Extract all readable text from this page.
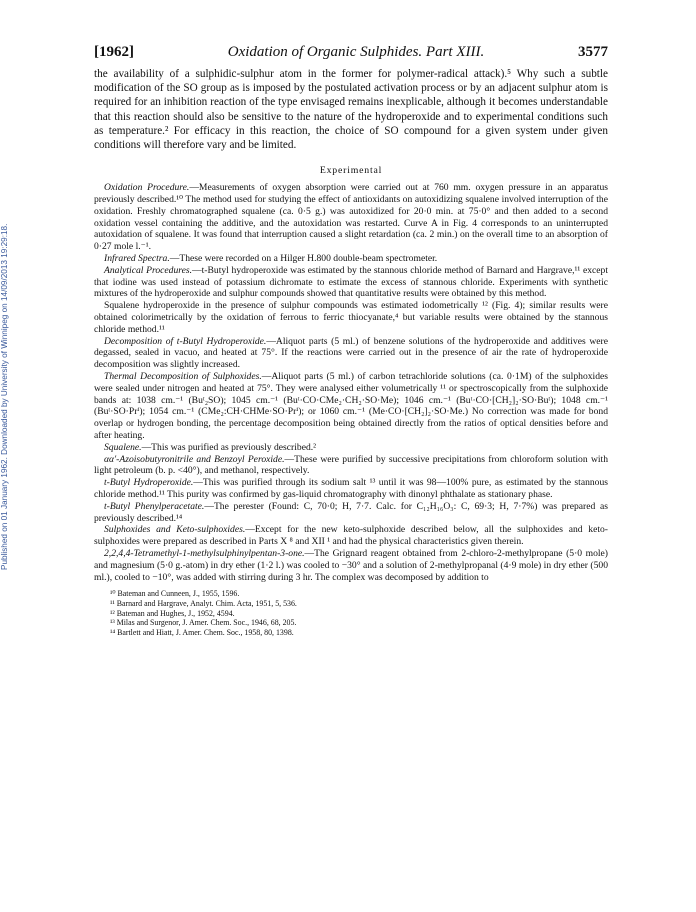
Published on 01 January 1962. Downloaded by University of Winnipeg on 14/09/2013 19:29:18.
[1962]	Oxidation of Organic Sulphides. Part XIII.	3577

the availability of a sulphidic-sulphur atom in the former for polymer-radical attack).⁵ Why such a subtle modification of the SO group as is imposed by the postulated activation process or by an adjacent sulphur atom is required for an inhibition reaction of the type envisaged remains inexplicable, although it becomes understandable that this reaction should also be sensitive to the nature of the hydroperoxide and to experimental conditions such as temperature.² For efficacy in this reaction, the choice of SO compound for a given system under given conditions will therefore vary and be limited.

Experimental

Oxidation Procedure.—Measurements of oxygen absorption were carried out at 760 mm. oxygen pressure in an apparatus previously described.¹⁰ The method used for studying the effect of antioxidants on autoxidizing squalene involved interruption of the oxidation. Freshly chromatographed squalene (ca. 0·5 g.) was autoxidized for 20·0 min. at 75·0° and then added to a second oxidation vessel containing the additive, and the autoxidation was restarted. Curve A in Fig. 4 corresponds to an uninterrupted autoxidation of squalene. It was found that interruption caused a slight retardation (ca. 2 min.) on the overall time to an absorption of 0·27 mole l.⁻¹.

Infrared Spectra.—These were recorded on a Hilger H.800 double-beam spectrometer.

Analytical Procedures.—t-Butyl hydroperoxide was estimated by the stannous chloride method of Barnard and Hargrave,¹¹ except that iodine was used instead of potassium dichromate to estimate the excess of stannous chloride. Experiments with synthetic mixtures of the hydroperoxide and sulphur compounds showed that quantitative results were obtained by this method.

Squalene hydroperoxide in the presence of sulphur compounds was estimated iodometrically ¹² (Fig. 4); similar results were obtained colorimetrically by the oxidation of ferrous to ferric thiocyanate,⁴ but variable results were obtained by the stannous chloride method.¹¹

Decomposition of t-Butyl Hydroperoxide.—Aliquot parts (5 ml.) of benzene solutions of the hydroperoxide and additives were degassed, sealed in vacuo, and heated at 75°. If the reactions were carried out in the presence of air the rate of hydroperoxide decomposition was slightly increased.

Thermal Decomposition of Sulphoxides.—Aliquot parts (5 ml.) of carbon tetrachloride solutions (ca. 0·1M) of the sulphoxides were sealed under nitrogen and heated at 75°. They were analysed either volumetrically ¹¹ or spectroscopically from the sulphoxide bands at: 1038 cm.⁻¹ (Buᵗ₂SO); 1045 cm.⁻¹ (Buᵗ·CO·CMe₂·CH₂·SO·Me); 1046 cm.⁻¹ (Buᵗ·CO·[CH₂]₂·SO·Buᵗ); 1048 cm.⁻¹ (Buᵗ·SO·Prⁱ); 1054 cm.⁻¹ (CMe₂:CH·CHMe·SO·Prⁱ); or 1060 cm.⁻¹ (Me·CO·[CH₂]₂·SO·Me.) No correction was made for bond overlap or hydrogen bonding, the percentage decomposition being obtained directly from the ratios of optical densities before and after heating.

Squalene.—This was purified as previously described.²

αα′-Azoisobutyronitrile and Benzoyl Peroxide.—These were purified by successive precipitations from chloroform solution with light petroleum (b. p. <40°), and methanol, respectively.

t-Butyl Hydroperoxide.—This was purified through its sodium salt ¹³ until it was 98—100% pure, as estimated by the stannous chloride method.¹¹ This purity was confirmed by gas-liquid chromatography with dinonyl phthalate as stationary phase.

t-Butyl Phenylperacetate.—The perester (Found: C, 70·0; H, 7·7. Calc. for C₁₂H₁₆O₃: C, 69·3; H, 7·7%) was prepared as previously described.¹⁴

Sulphoxides and Keto-sulphoxides.—Except for the new keto-sulphoxide described below, all the sulphoxides and keto-sulphoxides were prepared as described in Parts X ⁸ and XII ¹ and had the physical characteristics given therein.

2,2,4,4-Tetramethyl-1-methylsulphinylpentan-3-one.—The Grignard reagent obtained from 2-chloro-2-methylpropane (5·0 mole) and magnesium (5·0 g.-atom) in dry ether (1·2 l.) was cooled to −30° and a solution of 2-methylpropanal (4·9 mole) in dry ether (500 ml.), cooled to −10°, was added with stirring during 3 hr. The complex was decomposed by addition to

¹⁰ Bateman and Cunneen, J., 1955, 1596.
¹¹ Barnard and Hargrave, Analyt. Chim. Acta, 1951, 5, 536.
¹² Bateman and Hughes, J., 1952, 4594.
¹³ Milas and Surgenor, J. Amer. Chem. Soc., 1946, 68, 205.
¹⁴ Bartlett and Hiatt, J. Amer. Chem. Soc., 1958, 80, 1398.
